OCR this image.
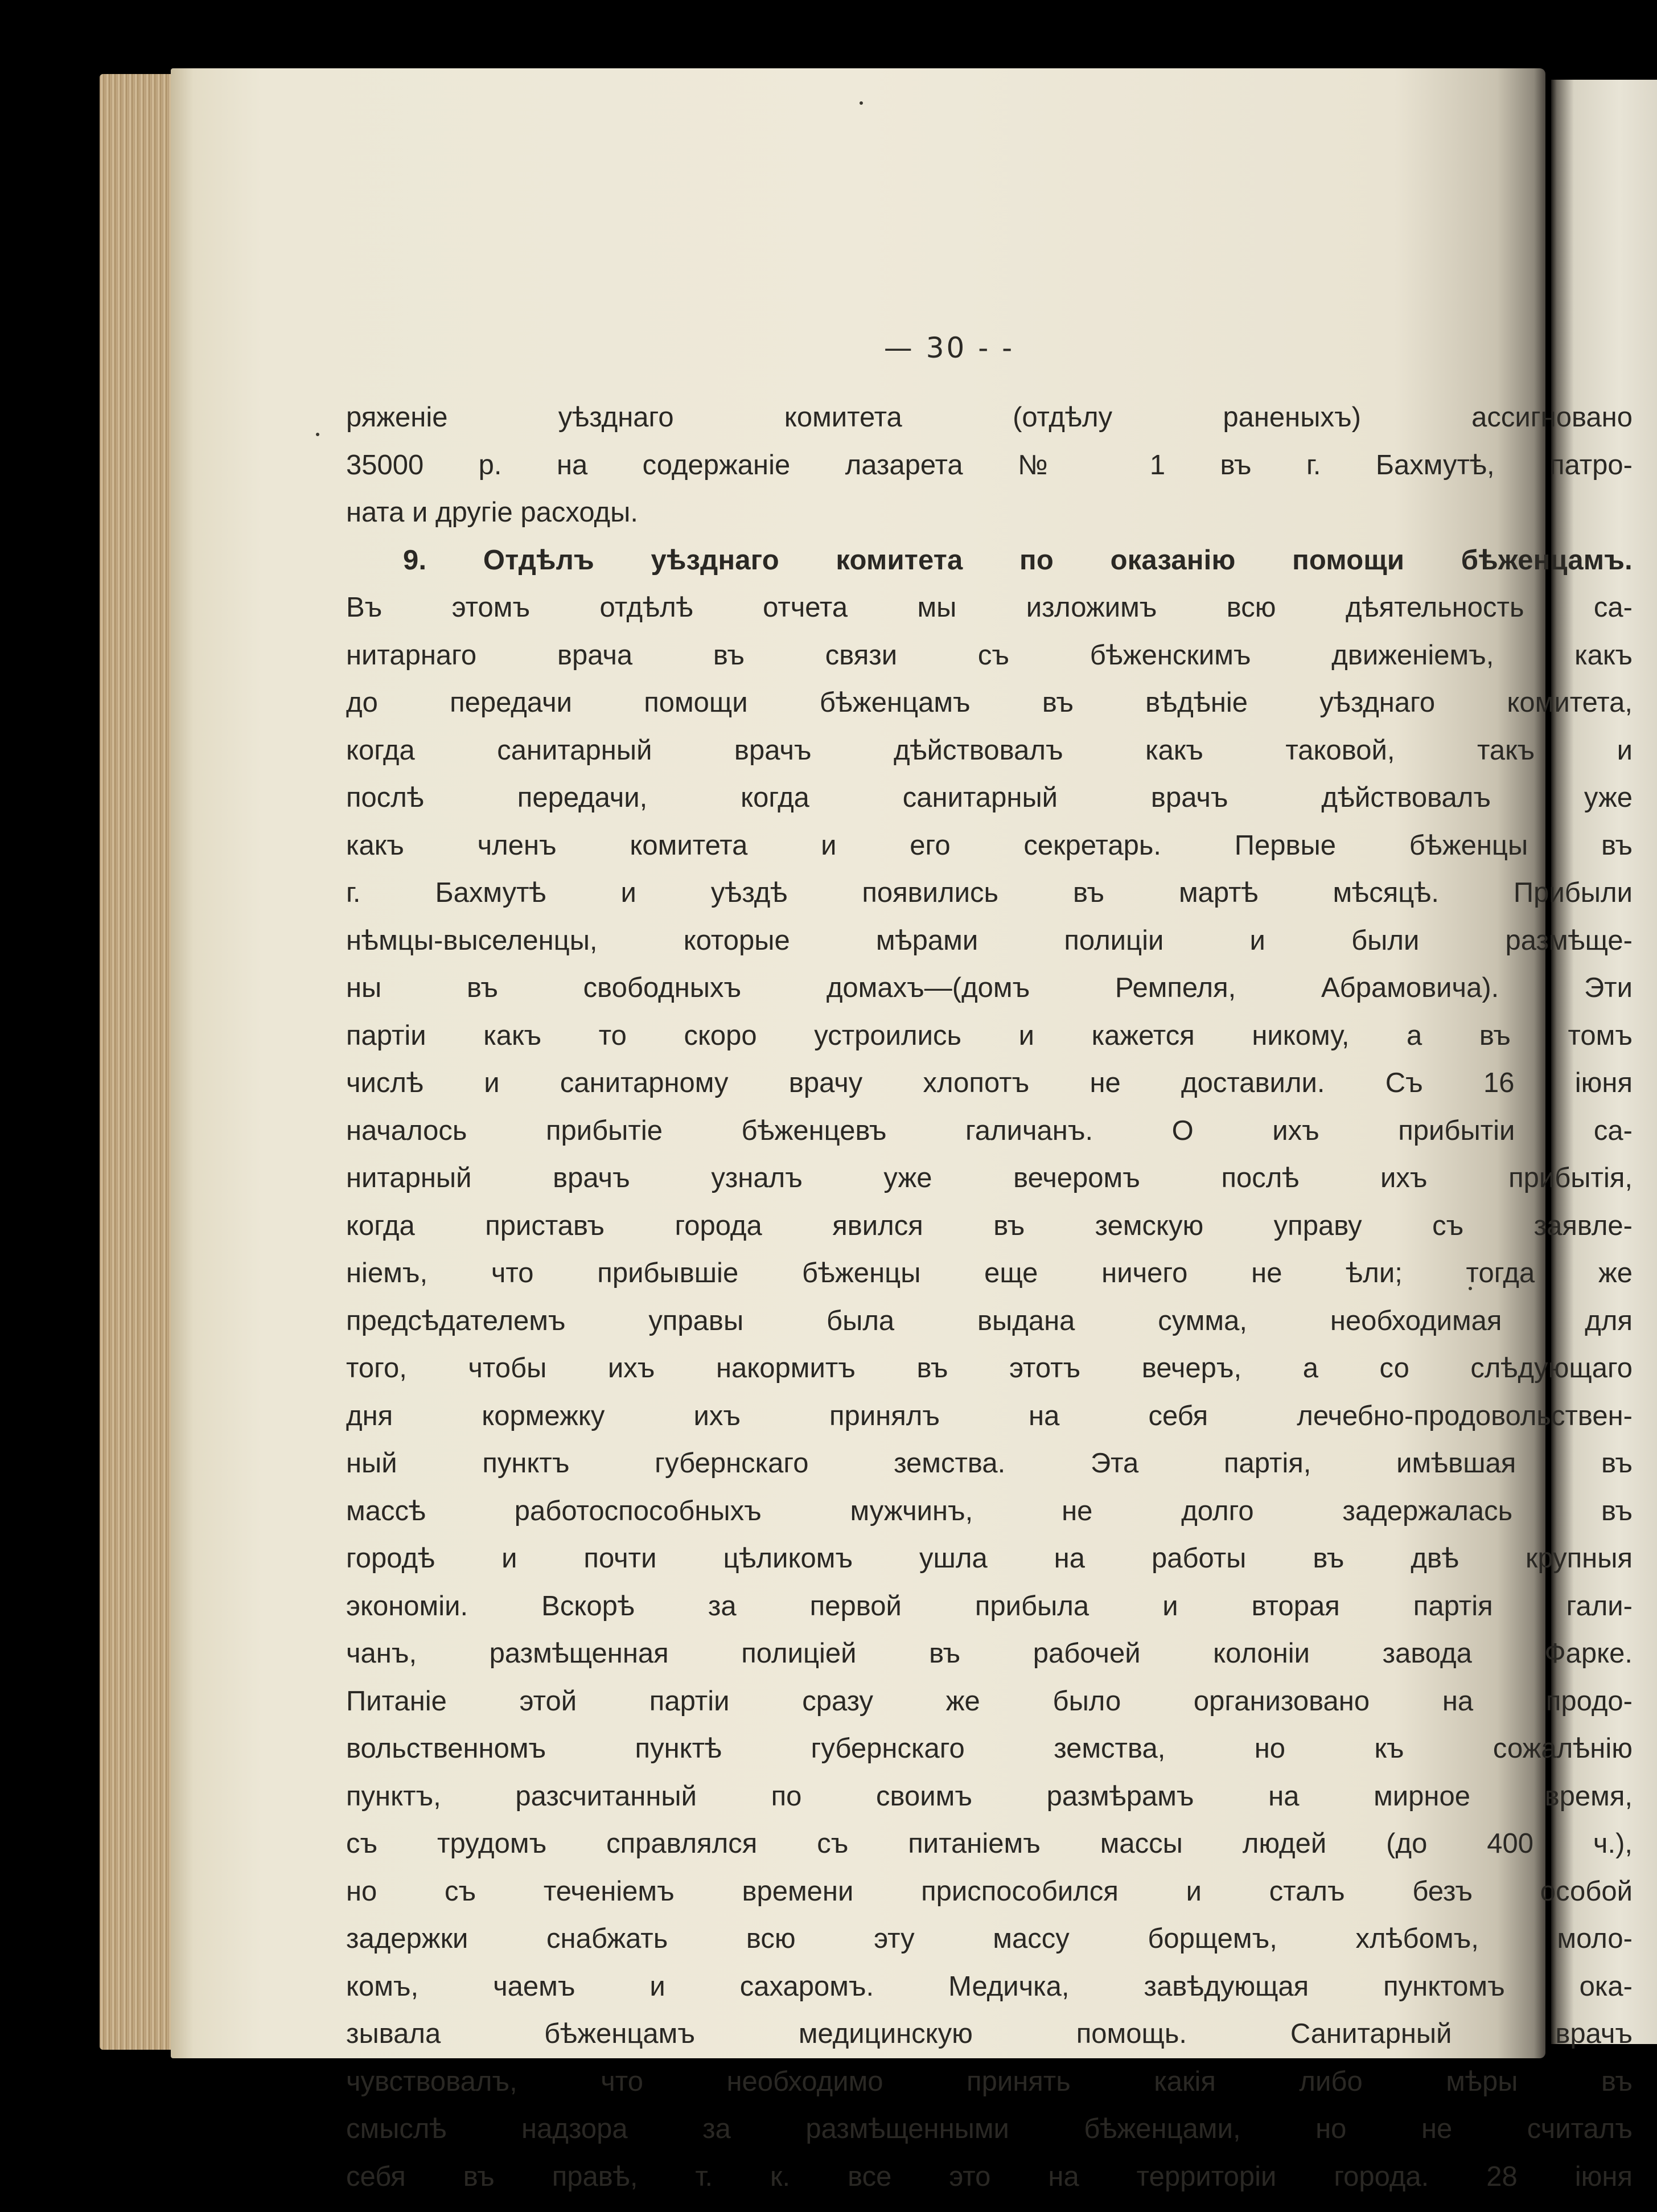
— 30 - -
ряженіе уѣзднаго комитета (отдѣлу раненыхъ) ассигновано
35000 р. на содержаніе лазарета № 1 въ г. Бахмутѣ, патро-
ната и другіе расходы.
9. Отдѣлъ уѣзднаго комитета по оказанію помощи бѣженцамъ.
Въ этомъ отдѣлѣ отчета мы изложимъ всю дѣятельность са-
нитарнаго врача въ связи съ бѣженскимъ движеніемъ, какъ
до передачи помощи бѣженцамъ въ вѣдѣніе уѣзднаго комитета,
когда санитарный врачъ дѣйствовалъ какъ таковой, такъ и
послѣ передачи, когда санитарный врачъ дѣйствовалъ уже
какъ членъ комитета и его секретарь. Первые бѣженцы въ
г. Бахмутѣ и уѣздѣ появились въ мартѣ мѣсяцѣ. Прибыли
нѣмцы-выселенцы, которые мѣрами полиціи и были размѣще-
ны въ свободныхъ домахъ—(домъ Ремпеля, Абрамовича). Эти
партіи какъ то скоро устроились и кажется никому, а въ томъ
числѣ и санитарному врачу хлопотъ не доставили. Съ 16 іюня
началось прибытіе бѣженцевъ галичанъ. О ихъ прибытіи са-
нитарный врачъ узналъ уже вечеромъ послѣ ихъ прибытія,
когда приставъ города явился въ земскую управу съ заявле-
ніемъ, что прибывшіе бѣженцы еще ничего не ѣли; тогда же
предсѣдателемъ управы была выдана сумма, необходимая для
того, чтобы ихъ накормитъ въ этотъ вечеръ, а со слѣдующаго
дня кормежку ихъ принялъ на себя лечебно-продовольствен-
ный пунктъ губернскаго земства. Эта партія, имѣвшая въ
массѣ работоспособныхъ мужчинъ, не долго задержалась въ
городѣ и почти цѣликомъ ушла на работы въ двѣ крупныя
экономіи. Вскорѣ за первой прибыла и вторая партія гали-
чанъ, размѣщенная полиціей въ рабочей колоніи завода Фарке.
Питаніе этой партіи сразу же было организовано на продо-
вольственномъ пунктѣ губернскаго земства, но къ сожалѣнію
пунктъ, разсчитанный по своимъ размѣрамъ на мирное время,
съ трудомъ справлялся съ питаніемъ массы людей (до 400 ч.),
но съ теченіемъ времени приспособился и сталъ безъ особой
задержки снабжать всю эту массу борщемъ, хлѣбомъ, моло-
комъ, чаемъ и сахаромъ. Медичка, завѣдующая пунктомъ ока-
зывала бѣженцамъ медицинскую помощь. Санитарный врачъ
чувствовалъ, что необходимо принять какія либо мѣры въ
смыслѣ надзора за размѣщенными бѣженцами, но не считалъ
себя въ правѣ, т. к. все это на территоріи города. 28 іюня
